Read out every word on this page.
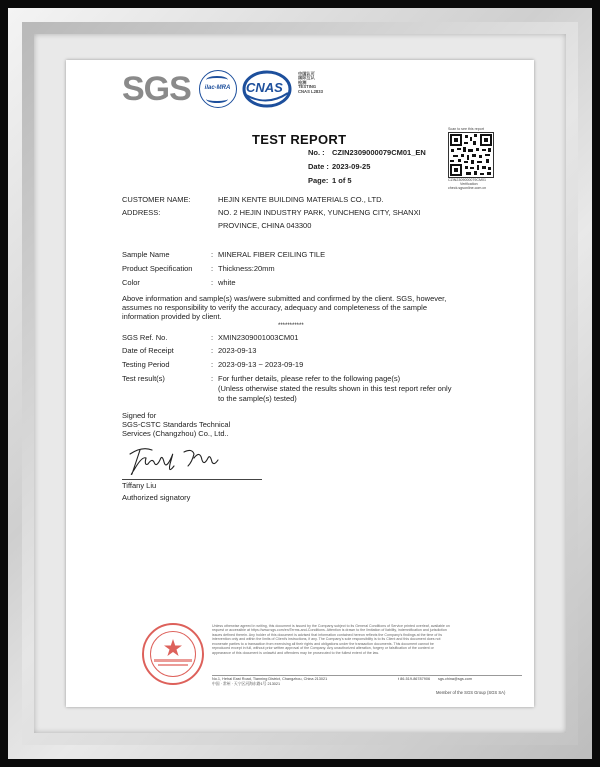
SGS	ilac-MRA	CNAS
中国认可
国际互认
检测
TESTING
CNAS L2833
TEST REPORT
No. : CZIN2309000079CM01_EN
Date : 2023-09-25
Page: 1 of 5
Scan to see this report
CZIN2309000079CM01
Verification
check.sgsonline.com.cn
CUSTOMER NAME:	HEJIN KENTE BUILDING MATERIALS CO., LTD.
ADDRESS:	NO. 2 HEJIN INDUSTRY PARK, YUNCHENG CITY, SHANXI
PROVINCE, CHINA 043300
Sample Name	: MINERAL FIBER CEILING TILE
Product Specification : Thickness:20mm
Color	: white
Above information and sample(s) was/were submitted and confirmed by the client. SGS, however,
assumes no responsibility to verify the accuracy, adequacy and completeness of the sample
information provided by client.
***********
SGS Ref. No.	: XMIN2309001003CM01
Date of Receipt	: 2023-09-13
Testing Period	: 2023-09-13 ~ 2023-09-19
Test result(s)	: For further details, please refer to the following page(s)
(Unless otherwise stated the results shown in this test report refer only
to the sample(s) tested)
Signed for
SGS-CSTC Standards Technical
Services (Changzhou) Co., Ltd..
Tiffany Liu
Authorized signatory
Unless otherwise agreed in writing, this document is issued by the Company subject to its General Conditions of Service printed overleaf, available on request or accessible at https://www.sgs.com/en/Terms-and-Conditions. Attention is drawn to the limitation of liability, indemnification and jurisdiction issues defined therein. Any holder of this document is advised that information contained hereon reflects the Company's findings at the time of its intervention only and within the limits of Client's instructions, if any. The Company's sole responsibility is to its Client and this document does not exonerate parties to a transaction from exercising all their rights and obligations under the transaction documents. This document cannot be reproduced except in full, without prior written approval of the Company. Any unauthorized alteration, forgery or falsification of the content or appearance of this document is unlawful and offenders may be prosecuted to the fullest extent of the law.
No.1, Hehai East Road, Tianning District, Changzhou, China 213021
中国 · 常州 · 天宁区河海东路1号 213021
t 86-519-86787906 sgs.china@sgs.com
Member of the SGS Group (SGS SA)
